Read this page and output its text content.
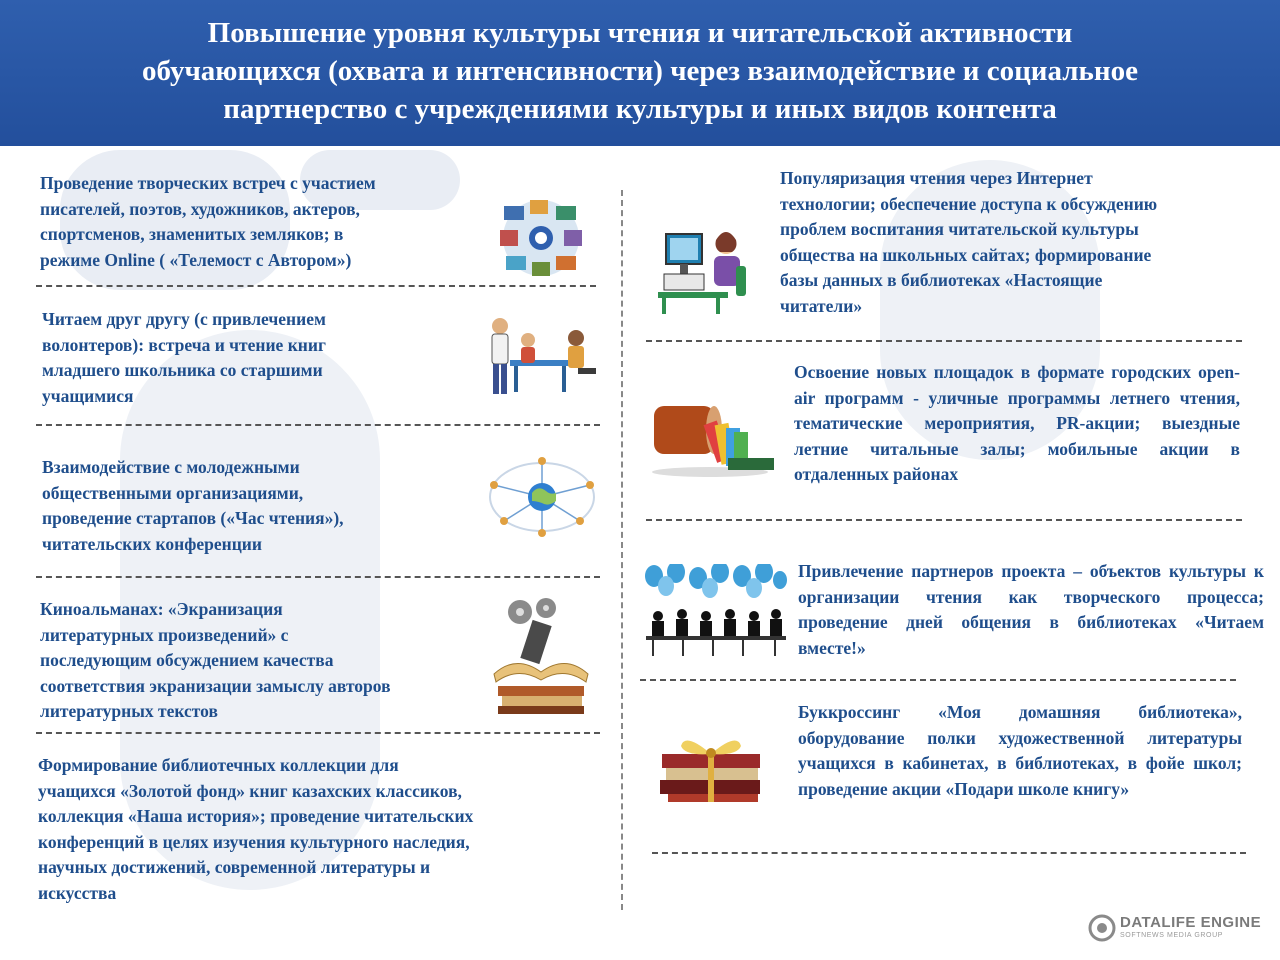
Повышение уровня культуры чтения и читательской активности
обучающихся (охвата и интенсивности) через взаимодействие и социальное
партнерство с учреждениями культуры и иных видов контента
Проведение творческих встреч с участием
писателей, поэтов, художников, актеров,
спортсменов, знаменитых земляков; в
режиме Online ( «Телемост с Автором»)
Читаем друг другу (с привлечением
волонтеров): встреча и чтение книг
младшего школьника со старшими
учащимися
Взаимодействие с молодежными
общественными организациями,
проведение стартапов («Час чтения»),
читательских конференции
Киноальманах: «Экранизация
литературных произведений» с
последующим обсуждением качества
соответствия экранизации замыслу авторов
литературных текстов
Формирование библиотечных коллекции для
учащихся «Золотой фонд» книг казахских классиков,
коллекция «Наша история»; проведение читательских
конференций в целях изучения культурного наследия,
научных достижений, современной литературы и
искусства
Популяризация чтения через Интернет
технологии; обеспечение доступа к обсуждению
проблем воспитания читательской культуры
общества на школьных сайтах; формирование
базы данных в библиотеках «Настоящие
читатели»
Освоение новых площадок в формате городских open-air программ - уличные программы летнего чтения, тематические мероприятия, PR-акции; выездные летние читальные залы; мобильные акции в отдаленных районах
Привлечение партнеров проекта – объектов культуры к организации чтения как творческого процесса; проведение дней общения в библиотеках «Читаем вместе!»
Буккроссинг «Моя домашняя библиотека», оборудование полки художественной литературы учащихся в кабинетах, в библиотеках, в фойе школ; проведение акции «Подари школе книгу»
DATALIFE ENGINE
SOFTNEWS MEDIA GROUP
